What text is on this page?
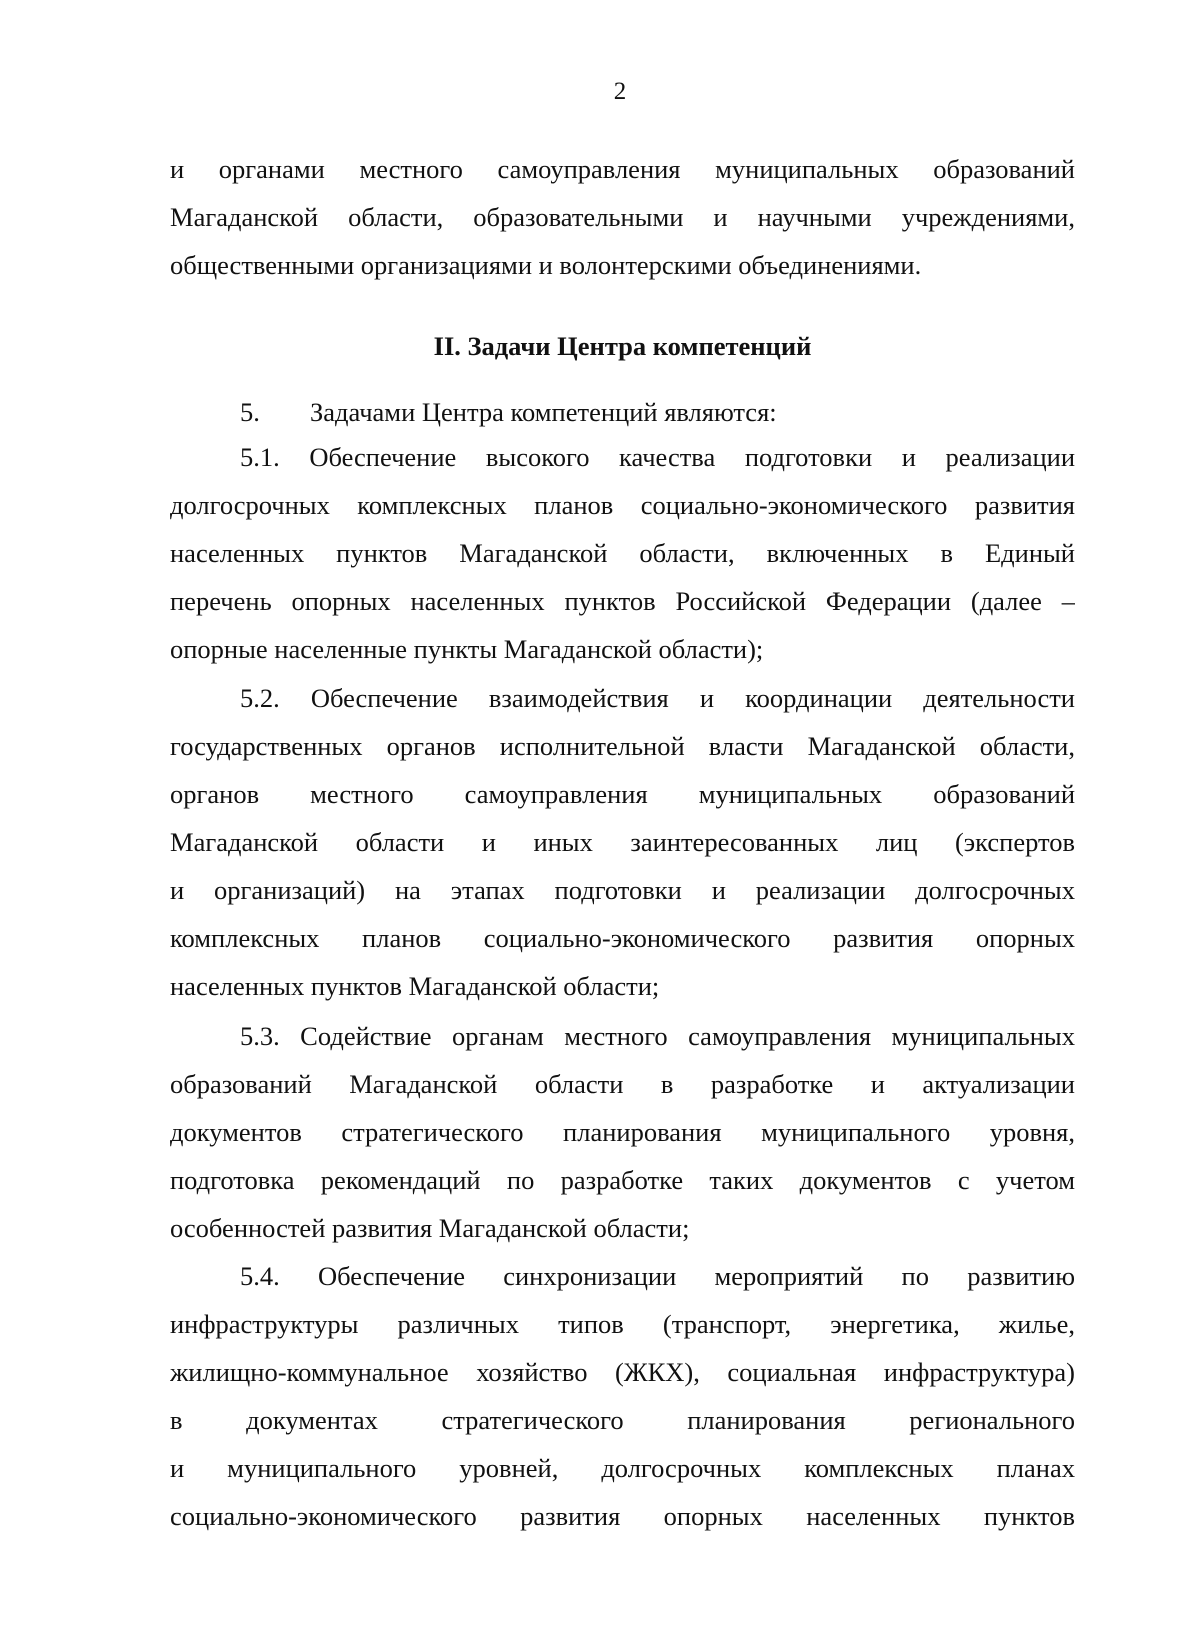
2
и органами местного самоуправления муниципальных образований
Магаданской области, образовательными и научными учреждениями,
общественными организациями и волонтерскими объединениями.
II. Задачи Центра компетенций
5. Задачами Центра компетенций являются:
5.1. Обеспечение высокого качества подготовки и реализации
долгосрочных комплексных планов социально-экономического развития
населенных пунктов Магаданской области, включенных в Единый
перечень опорных населенных пунктов Российской Федерации (далее –
опорные населенные пункты Магаданской области);
5.2. Обеспечение взаимодействия и координации деятельности
государственных органов исполнительной власти Магаданской области,
органов местного самоуправления муниципальных образований
Магаданской области и иных заинтересованных лиц (экспертов
и организаций) на этапах подготовки и реализации долгосрочных
комплексных планов социально-экономического развития опорных
населенных пунктов Магаданской области;
5.3. Содействие органам местного самоуправления муниципальных
образований Магаданской области в разработке и актуализации
документов стратегического планирования муниципального уровня,
подготовка рекомендаций по разработке таких документов с учетом
особенностей развития Магаданской области;
5.4. Обеспечение синхронизации мероприятий по развитию
инфраструктуры различных типов (транспорт, энергетика, жилье,
жилищно-коммунальное хозяйство (ЖКХ), социальная инфраструктура)
в документах стратегического планирования регионального
и муниципального уровней, долгосрочных комплексных планах
социально-экономического развития опорных населенных пунктов
